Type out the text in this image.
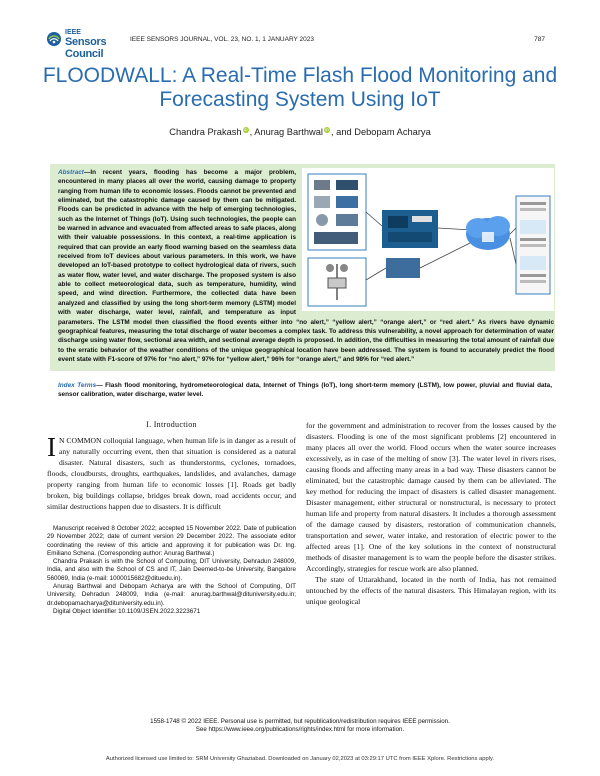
IEEE
Sensors Council
IEEE SENSORS JOURNAL, VOL. 23, NO. 1, 1 JANUARY 2023	787
FLOODWALL: A Real-Time Flash Flood Monitoring and Forecasting System Using IoT
Chandra Prakash iD , Anurag Barthwal iD , and Debopam Acharya

Abstract—In recent years, flooding has become a major problem, encountered in many places all over the world, causing damage to property ranging from human life to economic losses. Floods cannot be prevented and eliminated, but the catastrophic damage caused by them can be mitigated. Floods can be predicted in advance with the help of emerging technologies, such as the Internet of Things (IoT). Using such technologies, the people can be warned in advance and evacuated from affected areas to safe places, along with their valuable possessions. In this context, a real-time application is required that can provide an early flood warning based on the seamless data received from IoT devices about various parameters. In this work, we have developed an IoT-based prototype to collect hydrological data of rivers, such as water flow, water level, and water discharge. The proposed system is also able to collect meteorological data, such as temperature, humidity, wind speed, and wind direction. Furthermore, the collected data have been analyzed and classified by using the long short-term memory (LSTM) model with water discharge, water level, rainfall, and temperature as input parameters. The LSTM model then classified the flood events either into “no alert,” “yellow alert,” “orange alert,” or “red alert.” As rivers have dynamic geographical features, measuring the total discharge of water becomes a complex task. To address this vulnerability, a novel approach for determination of water discharge using water flow, sectional area width, and sectional average depth is proposed. In addition, the difficulties in measuring the total amount of rainfall due to the erratic behavior of the weather conditions of the unique geographical location have been addressed. The system is found to accurately predict the flood event state with F1-score of 97% for “no alert,” 97% for “yellow alert,” 96% for “orange alert,” and 98% for “red alert.”

Index Terms— Flash flood monitoring, hydrometeorological data, Internet of Things (IoT), long short-term memory (LSTM), low power, pluvial and fluvial data, sensor calibration, water discharge, water level.

I. Introduction

I N COMMON colloquial language, when human life is in danger as a result of any naturally occurring event, then that situation is considered as a natural disaster. Natural disasters, such as thunderstorms, cyclones, tornadoes, floods, cloudbursts, droughts, earthquakes, landslides, and avalanches, damage property ranging from human life to economic losses [1]. Roads get badly broken, big buildings collapse, bridges break down, road accidents occur, and similar destructions happen due to disasters. It is difficult

Manuscript received 8 October 2022; accepted 15 November 2022. Date of publication 29 November 2022; date of current version 29 December 2022. The associate editor coordinating the review of this article and approving it for publication was Dr. Ing. Emiliano Schena. (Corresponding author: Anurag Barthwal.)

Chandra Prakash is with the School of Computing, DIT University, Dehradun 248009, India, and also with the School of CS and IT, Jain Deemed-to-be University, Bangalore 560069, India (e-mail: 1000015682@dituedu.in).

Anurag Barthwal and Debopam Acharya are with the School of Computing, DIT University, Dehradun 248009, India (e-mail: anurag.barthwal@dituniversity.edu.in; dr.debopamacharya@dituniversity.edu.in).

Digital Object Identifier 10.1109/JSEN.2022.3223671

for the government and administration to recover from the losses caused by the disasters. Flooding is one of the most significant problems [2] encountered in many places all over the world. Flood occurs when the water source increases excessively, as in case of the melting of snow [3]. The water level in rivers rises, causing floods and affecting many areas in a bad way. These disasters cannot be eliminated, but the catastrophic damage caused by them can be alleviated. The key method for reducing the impact of disasters is called disaster management. Disaster management, either structural or nonstructural, is necessary to protect human life and property from natural disasters. It includes a thorough assessment of the damage caused by disasters, restoration of communication channels, transportation and sewer, water intake, and restoration of electric power to the affected areas [1]. One of the key solutions in the context of nonstructural methods of disaster management is to warn the people before the disaster strikes. Accordingly, strategies for rescue work are also planned.

The state of Uttarakhand, located in the north of India, has not remained untouched by the effects of the natural disasters. This Himalayan region, with its unique geological

1558-1748 © 2022 IEEE. Personal use is permitted, but republication/redistribution requires IEEE permission.
See https://www.ieee.org/publications/rights/index.html for more information.
Authorized licensed use limited to: SRM University Ghaziabad. Downloaded on January 02,2023 at 03:29:17 UTC from IEEE Xplore. Restrictions apply.
